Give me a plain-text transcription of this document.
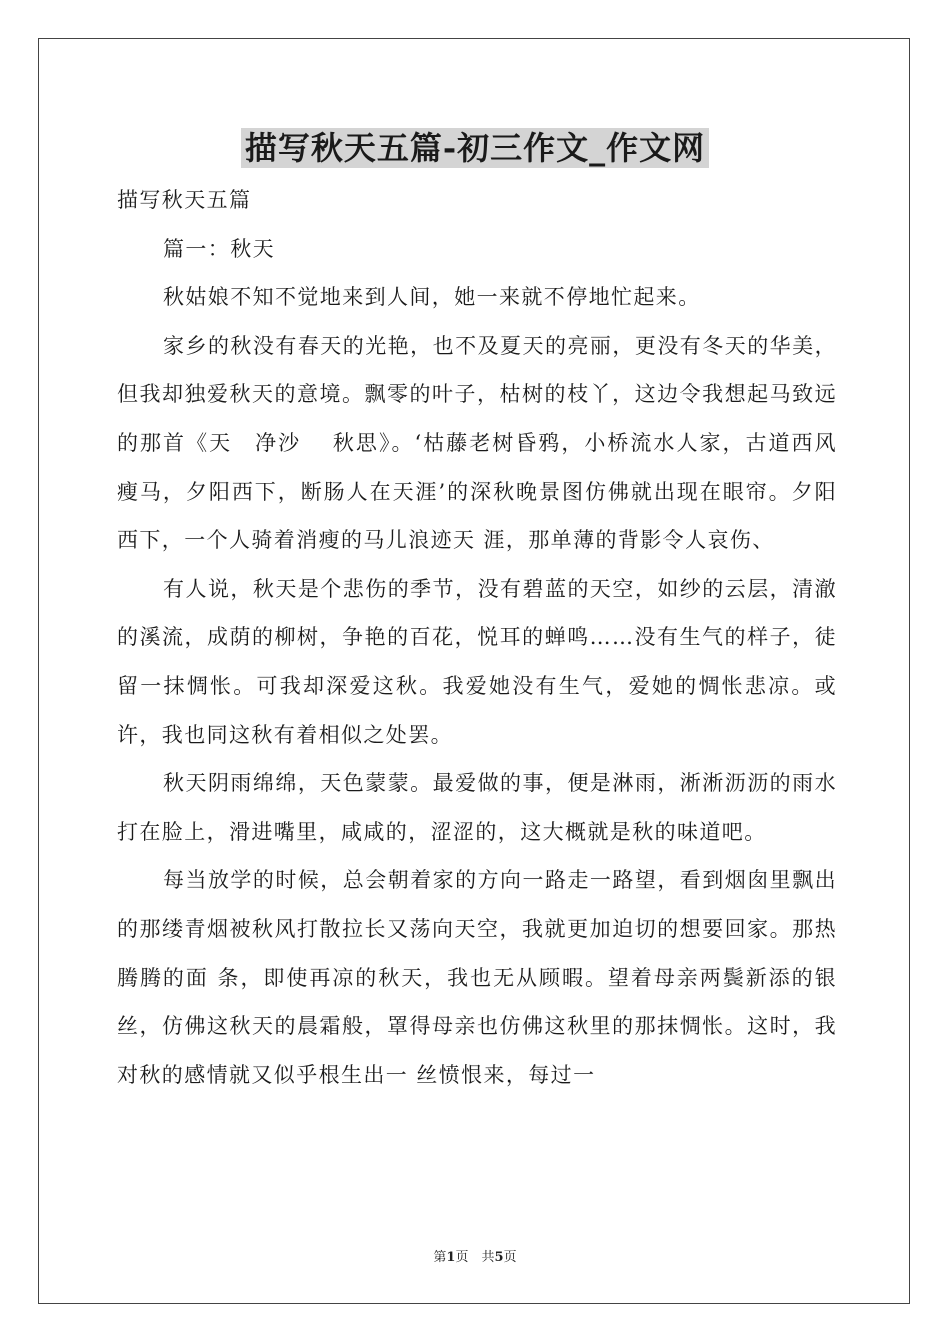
描写秋天五篇-初三作文_作文网

描写秋天五篇

篇一：秋天

秋姑娘不知不觉地来到人间，她一来就不停地忙起来。

家乡的秋没有春天的光艳，也不及夏天的亮丽，更没有冬天的华美，但我却独爱秋天的意境。飘零的叶子，枯树的枝丫，这边令我想起马致远的那首《天　净沙　 秋思》。‘枯藤老树昏鸦，小桥流水人家，古道西风瘦马，夕阳西下，断肠人在天涯’的深秋晚景图仿佛就出现在眼帘。夕阳西下，一个人骑着消瘦的马儿浪迹天 涯，那单薄的背影令人哀伤、

有人说，秋天是个悲伤的季节，没有碧蓝的天空，如纱的云层，清澈的溪流，成荫的柳树，争艳的百花，悦耳的蝉鸣……没有生气的样子，徒留一抹惆怅。可我却深爱这秋。我爱她没有生气，爱她的惆怅悲凉。或许，我也同这秋有着相似之处罢。

秋天阴雨绵绵，天色蒙蒙。最爱做的事，便是淋雨，淅淅沥沥的雨水打在脸上，滑进嘴里，咸咸的，涩涩的，这大概就是秋的味道吧。

每当放学的时候，总会朝着家的方向一路走一路望，看到烟囱里飘出的那缕青烟被秋风打散拉长又荡向天空，我就更加迫切的想要回家。那热腾腾的面 条，即使再凉的秋天，我也无从顾暇。望着母亲两鬓新添的银丝，仿佛这秋天的晨霜般，罩得母亲也仿佛这秋里的那抹惆怅。这时，我对秋的感情就又似乎根生出一 丝愤恨来，每过一

第1页　 共5页
